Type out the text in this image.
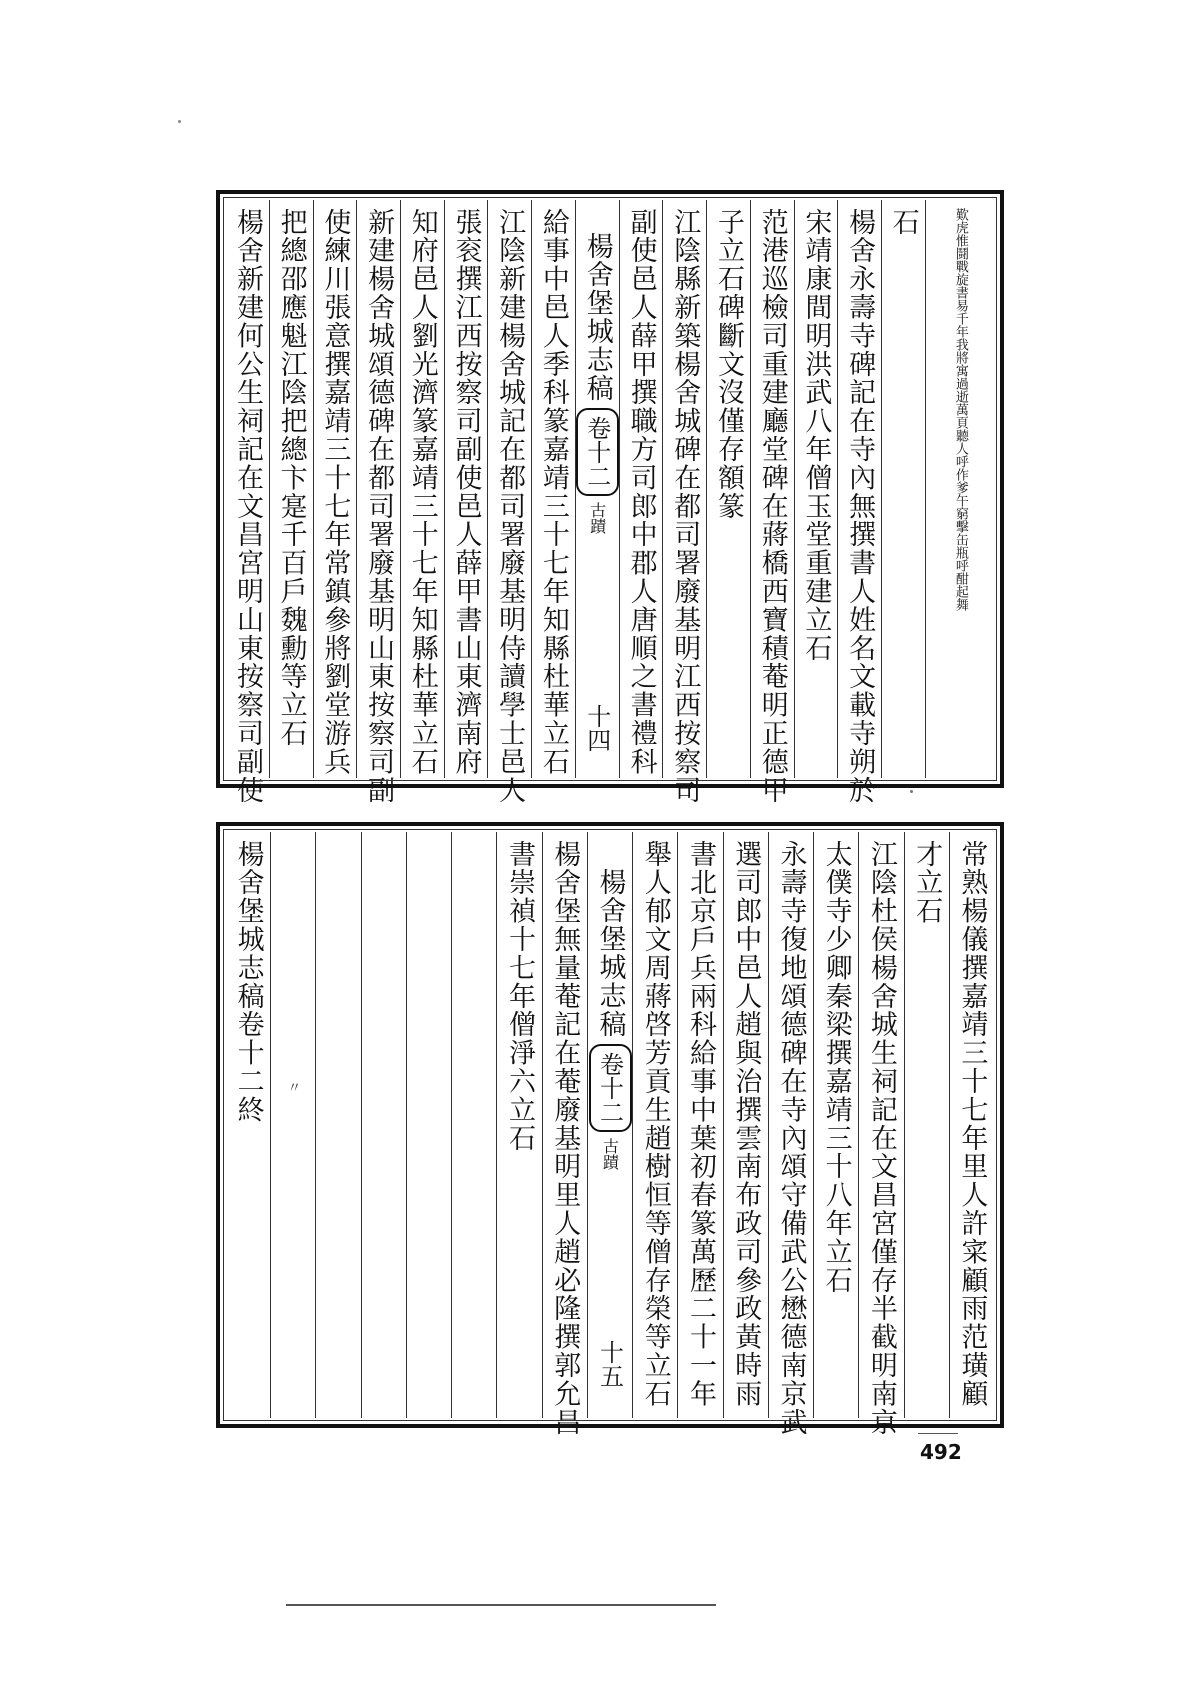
歎虎惟鬪戰旋書易千年我將寓過逝萬頁聽人呼作爹午窮擊缶瓶呼酣起舞
石
楊舍永壽寺碑記在寺內無撰書人姓名文載寺朔於
宋靖康間明洪武八年僧玉堂重建立石
范港巡檢司重建廳堂碑在蔣橋西寶積菴明正德甲
子立石碑斷文沒僅存額篆
江陰縣新築楊舍城碑在都司署廢基明江西按察司
副使邑人薛甲撰職方司郎中郡人唐順之書禮科
楊舍堡城志稿
卷十二
古蹟
十四
給事中邑人季科篆嘉靖三十七年知縣杜華立石
江陰新建楊舍城記在都司署廢基明侍讀學士邑人
張衮撰江西按察司副使邑人薛甲書山東濟南府
知府邑人劉光濟篆嘉靖三十七年知縣杜華立石
新建楊舍城頌德碑在都司署廢基明山東按察司副
使練川張意撰嘉靖三十七年常鎮參將劉堂游兵
把總邵應魁江陰把總卞寔千百戶魏勳等立石
楊舍新建何公生祠記在文昌宮明山東按察司副使
常熟楊儀撰嘉靖三十七年里人許寀顧雨范璜顧
才立石
江陰杜侯楊舍城生祠記在文昌宮僅存半截明南京
太僕寺少卿秦梁撰嘉靖三十八年立石
永壽寺復地頌德碑在寺內頌守備武公懋德南京武
選司郎中邑人趙與治撰雲南布政司參政黃時雨
書北京戶兵兩科給事中葉初春篆萬歷二十一年
舉人郁文周蔣啓芳貢生趙樹恒等僧存榮等立石
楊舍堡城志稿
卷十二
古蹟
十五
楊舍堡無量菴記在菴廢基明里人趙必隆撰郭允昌
書崇禎十七年僧淨六立石
〃
楊舍堡城志稿卷十二終
492
